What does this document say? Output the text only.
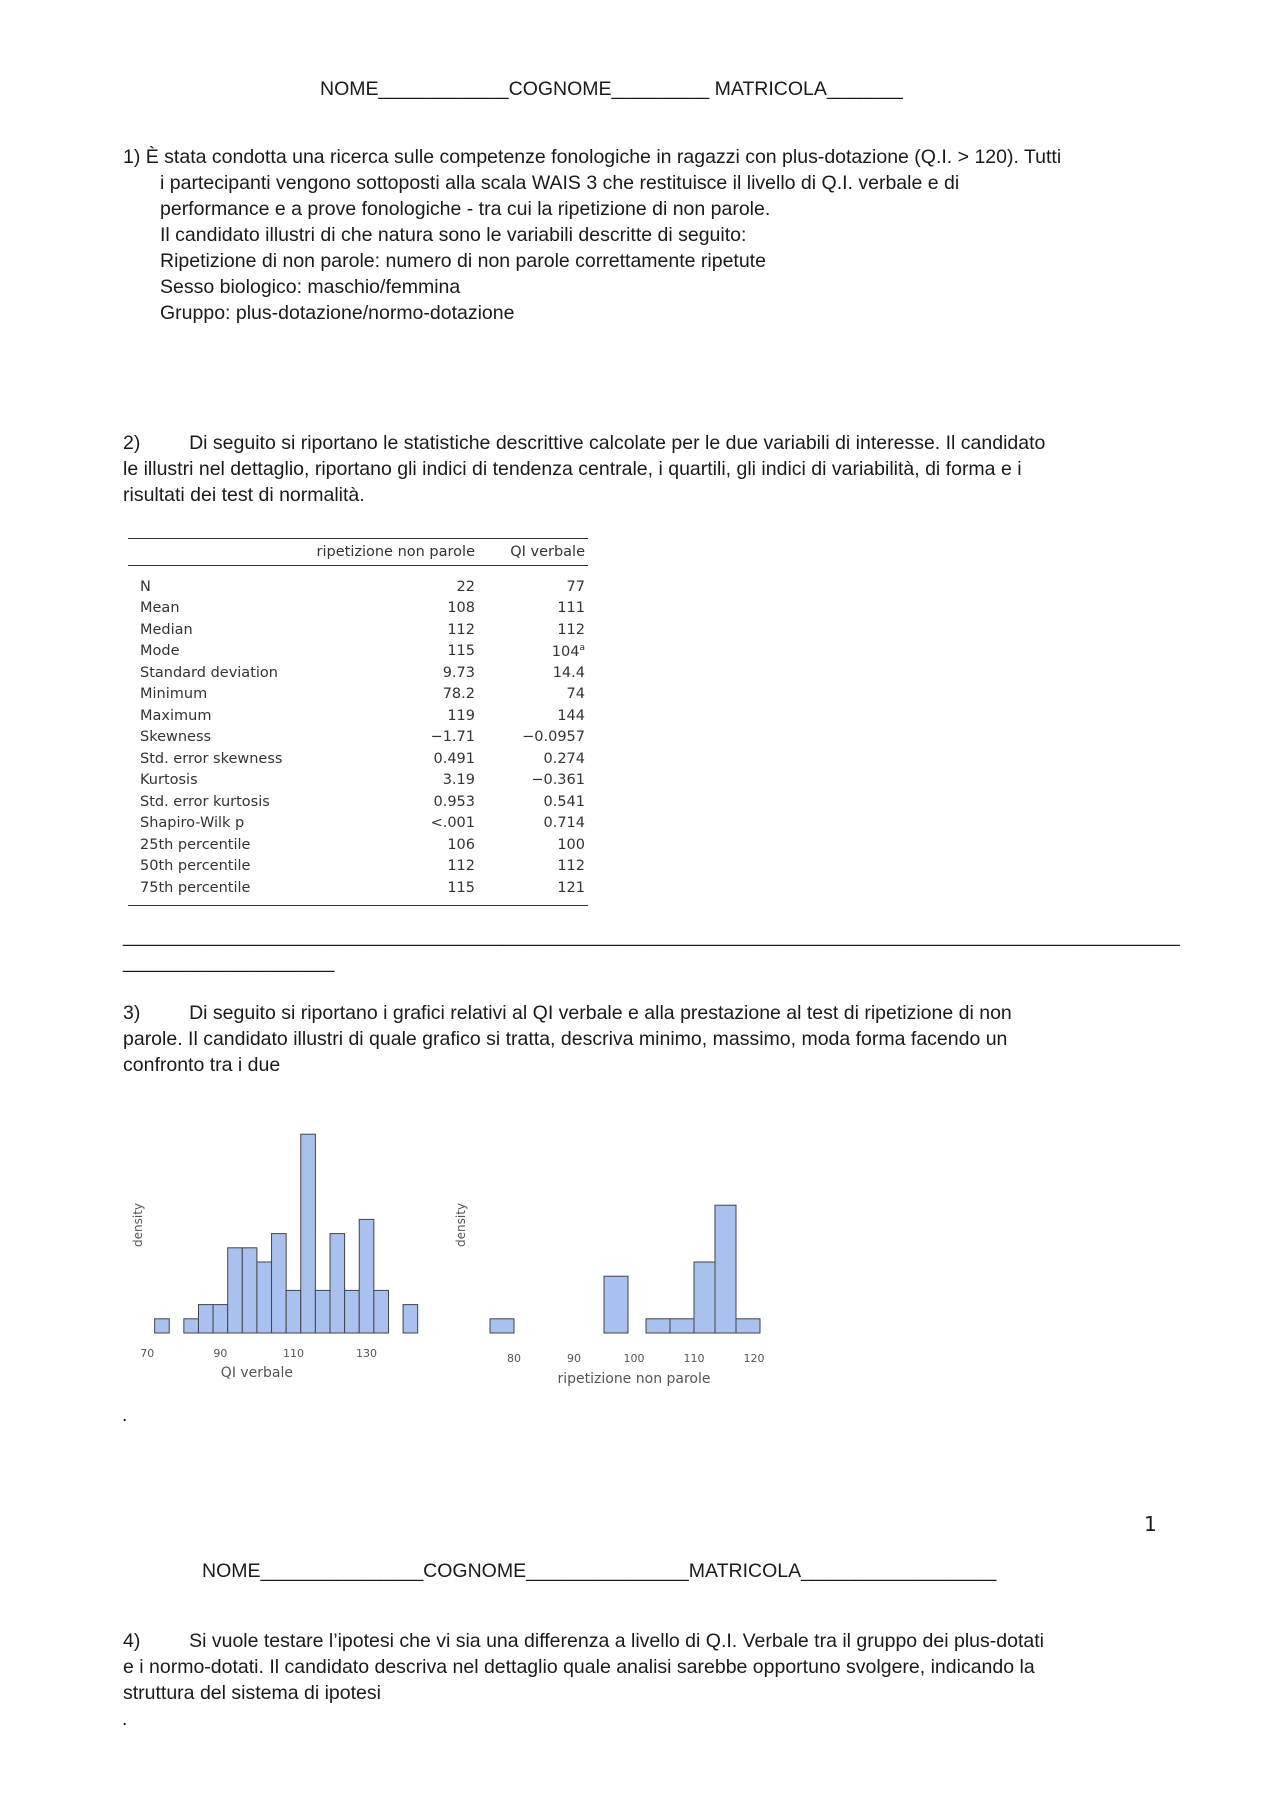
NOME____________COGNOME_________ MATRICOLA_______
1) È stata condotta una ricerca sulle competenze fonologiche in ragazzi con plus-dotazione (Q.I. > 120). Tutti
i partecipanti vengono sottoposti alla scala WAIS 3 che restituisce il livello di Q.I. verbale e di
performance e a prove fonologiche - tra cui la ripetizione di non parole.
Il candidato illustri di che natura sono le variabili descritte di seguito:
Ripetizione di non parole: numero di non parole correttamente ripetute
Sesso biologico: maschio/femmina
Gruppo: plus-dotazione/normo-dotazione
2)         Di seguito si riportano le statistiche descrittive calcolate per le due variabili di interesse. Il candidato
le illustri nel dettaglio, riportano gli indici di tendenza centrale, i quartili, gli indici di variabilità, di forma e i
risultati dei test di normalità.
ripetizione non parole	QI verbale
N	22	77
Mean	108	111
Median	112	112
Mode	115	104$^a$
Standard deviation	9.73	14.4
Minimum	78.2	74
Maximum	119	144
Skewness	−1.71	−0.0957
Std. error skewness	0.491	0.274
Kurtosis	3.19	−0.361
Std. error kurtosis	0.953	0.541
Shapiro-Wilk p	<.001	0.714
25th percentile	106	100
50th percentile	112	112
75th percentile	115	121
____________________________________________________________________________________________________
____________________
3)         Di seguito si riportano i grafici relativi al QI verbale e alla prestazione al test di ripetizione di non
parole. Il candidato illustri di quale grafico si tratta, descriva minimo, massimo, moda forma facendo un
confronto tra i due
70	90	110	130
QI verbale
density
80	90	100	110	120
ripetizione non parole
density
.
1
NOME_______________COGNOME_______________MATRICOLA__________________
4)         Si vuole testare l’ipotesi che vi sia una differenza a livello di Q.I. Verbale tra il gruppo dei plus-dotati
e i normo-dotati. Il candidato descriva nel dettaglio quale analisi sarebbe opportuno svolgere, indicando la
struttura del sistema di ipotesi
.
